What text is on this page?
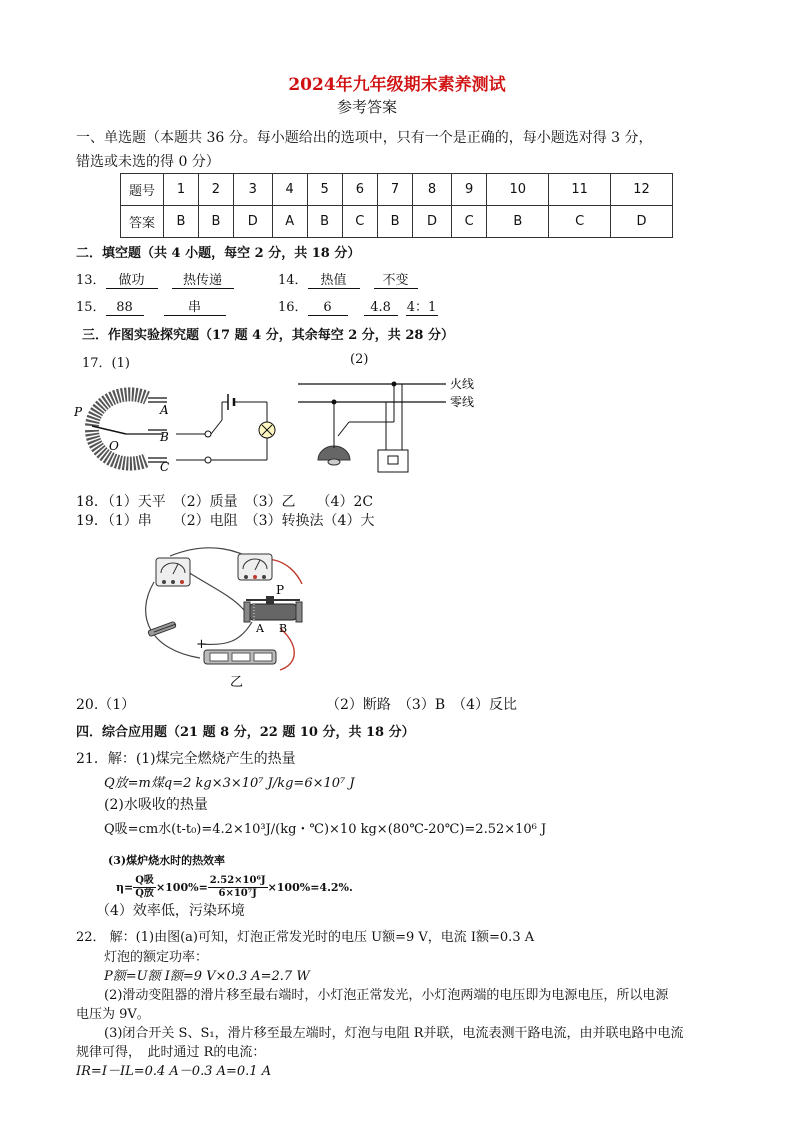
2024年九年级期末素养测试
参考答案
一、单选题（本题共 36 分。每小题给出的选项中，只有一个是正确的，每小题选对得 3 分，
错选或未选的得 0 分）
题号	1	2	3	4	5	6	7	8	9	10	11	12
答案	B	B	D	A	B	C	B	D	C	B	C	D
二．填空题（共 4 小题，每空 2 分，共 18 分）
13． 做功	热传递	14． 热值	不变
15． 88	串	16． 6	4.8 4：1
三．作图实验探究题（17 题 4 分，其余每空 2 分，共 28 分）
17．(1)	(2)
P
O
A
B
C
火线
零线
18．（1）天平　（2）质量　（3）乙　　（4）2C
19．（1）串　　（2）电阻　（3）转换法（4）大
P
A B
+
乙
20.（1）	（2）断路　（3）B　（4）反比
四．综合应用题（21 题 8 分，22 题 10 分，共 18 分）
21．解：(1)煤完全燃烧产生的热量
Q放=m煤q=2 kg×3×10⁷ J/kg=6×10⁷ J
(2)水吸收的热量
Q吸=cm水(t-t₀)=4.2×10³J/(kg・℃)×10 kg×(80℃-20℃)=2.52×10⁶ J
(3)煤炉烧水时的热效率
$\eta= \frac{\text{Q吸}}{\text{Q放}} \times 100\%= \frac{\text{2.52×10⁶J}}{\text{6×10⁷J}} \times 100\%=4.2\%$.
（4）效率低，污染环境
22． 解：(1)由图(a)可知，灯泡正常发光时的电压 U额=9 V，电流 I额=0.3 A
灯泡的额定功率：
P额=U额 I额=9 V×0.3 A=2.7 W
(2)滑动变阻器的滑片移至最右端时，小灯泡正常发光，小灯泡两端的电压即为电源电压，所以电源
电压为 9V。
(3)闭合开关 S、S₁，滑片移至最左端时，灯泡与电阻 R并联，电流表测干路电流，由并联电路中电流
规律可得，　此时通过 R的电流：
IR=I－IL=0.4 A－0.3 A=0.1 A
